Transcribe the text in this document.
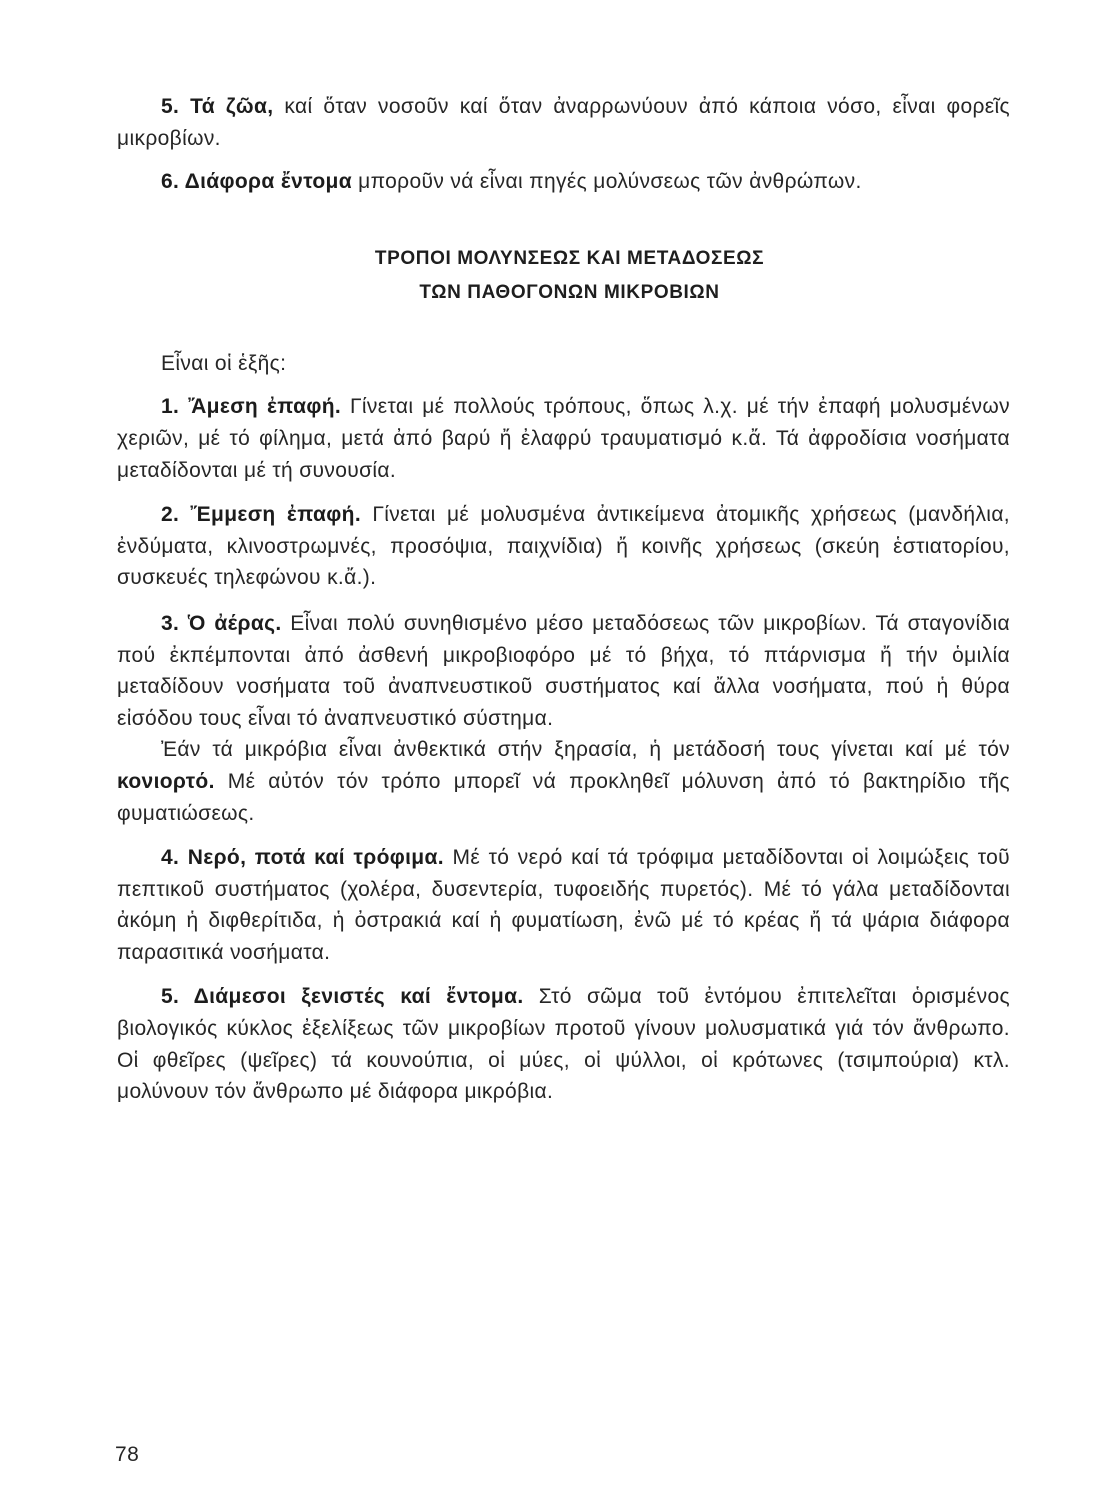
5. Τά ζῶα, καί ὅταν νοσοῦν καί ὅταν ἀναρρωνύουν ἀπό κάποια νόσο, εἶναι φορεῖς μικροβίων.

6. Διάφορα ἔντομα μποροῦν νά εἶναι πηγές μολύνσεως τῶν ἀνθρώπων.

ΤΡΟΠΟΙ ΜΟΛΥΝΣΕΩΣ ΚΑΙ ΜΕΤΑΔΟΣΕΩΣ
ΤΩΝ ΠΑΘΟΓΟΝΩΝ ΜΙΚΡΟΒΙΩΝ

Εἶναι οἱ ἑξῆς:

1. Ἄμεση ἐπαφή. Γίνεται μέ πολλούς τρόπους, ὅπως λ.χ. μέ τήν ἐπαφή μολυσμένων χεριῶν, μέ τό φίλημα, μετά ἀπό βαρύ ἤ ἐλαφρύ τραυματισμό κ.ἄ. Τά ἀφροδίσια νοσήματα μεταδίδονται μέ τή συνουσία.

2. Ἔμμεση ἐπαφή. Γίνεται μέ μολυσμένα ἀντικείμενα ἀτομικῆς χρήσεως (μανδήλια, ἐνδύματα, κλινοστρωμνές, προσόψια, παιχνίδια) ἤ κοινῆς χρήσεως (σκεύη ἑστιατορίου, συσκευές τηλεφώνου κ.ἄ.).

3. Ὁ ἀέρας. Εἶναι πολύ συνηθισμένο μέσο μεταδόσεως τῶν μικροβίων. Τά σταγονίδια πού ἐκπέμπονται ἀπό ἀσθενή μικροβιοφόρο μέ τό βήχα, τό πτάρνισμα ἤ τήν ὁμιλία μεταδίδουν νοσήματα τοῦ ἀναπνευστικοῦ συστήματος καί ἄλλα νοσήματα, πού ἡ θύρα εἰσόδου τους εἶναι τό ἀναπνευστικό σύστημα.

Ἐάν τά μικρόβια εἶναι ἀνθεκτικά στήν ξηρασία, ἡ μετάδοσή τους γίνεται καί μέ τόν κονιορτό. Μέ αὐτόν τόν τρόπο μπορεῖ νά προκληθεῖ μόλυνση ἀπό τό βακτηρίδιο τῆς φυματιώσεως.

4. Νερό, ποτά καί τρόφιμα. Μέ τό νερό καί τά τρόφιμα μεταδίδονται οἱ λοιμώξεις τοῦ πεπτικοῦ συστήματος (χολέρα, δυσεντερία, τυφοειδής πυρετός). Μέ τό γάλα μεταδίδονται ἀκόμη ἡ διφθερίτιδα, ἡ ὀστρακιά καί ἡ φυματίωση, ἐνῶ μέ τό κρέας ἤ τά ψάρια διάφορα παρασιτικά νοσήματα.

5. Διάμεσοι ξενιστές καί ἔντομα. Στό σῶμα τοῦ ἐντόμου ἐπιτελεῖται ὁρισμένος βιολογικός κύκλος ἐξελίξεως τῶν μικροβίων προτοῦ γίνουν μολυσματικά γιά τόν ἄνθρωπο. Οἱ φθεῖρες (ψεῖρες) τά κουνούπια, οἱ μύες, οἱ ψύλλοι, οἱ κρότωνες (τσιμπούρια) κτλ. μολύνουν τόν ἄνθρωπο μέ διάφορα μικρόβια.

78
